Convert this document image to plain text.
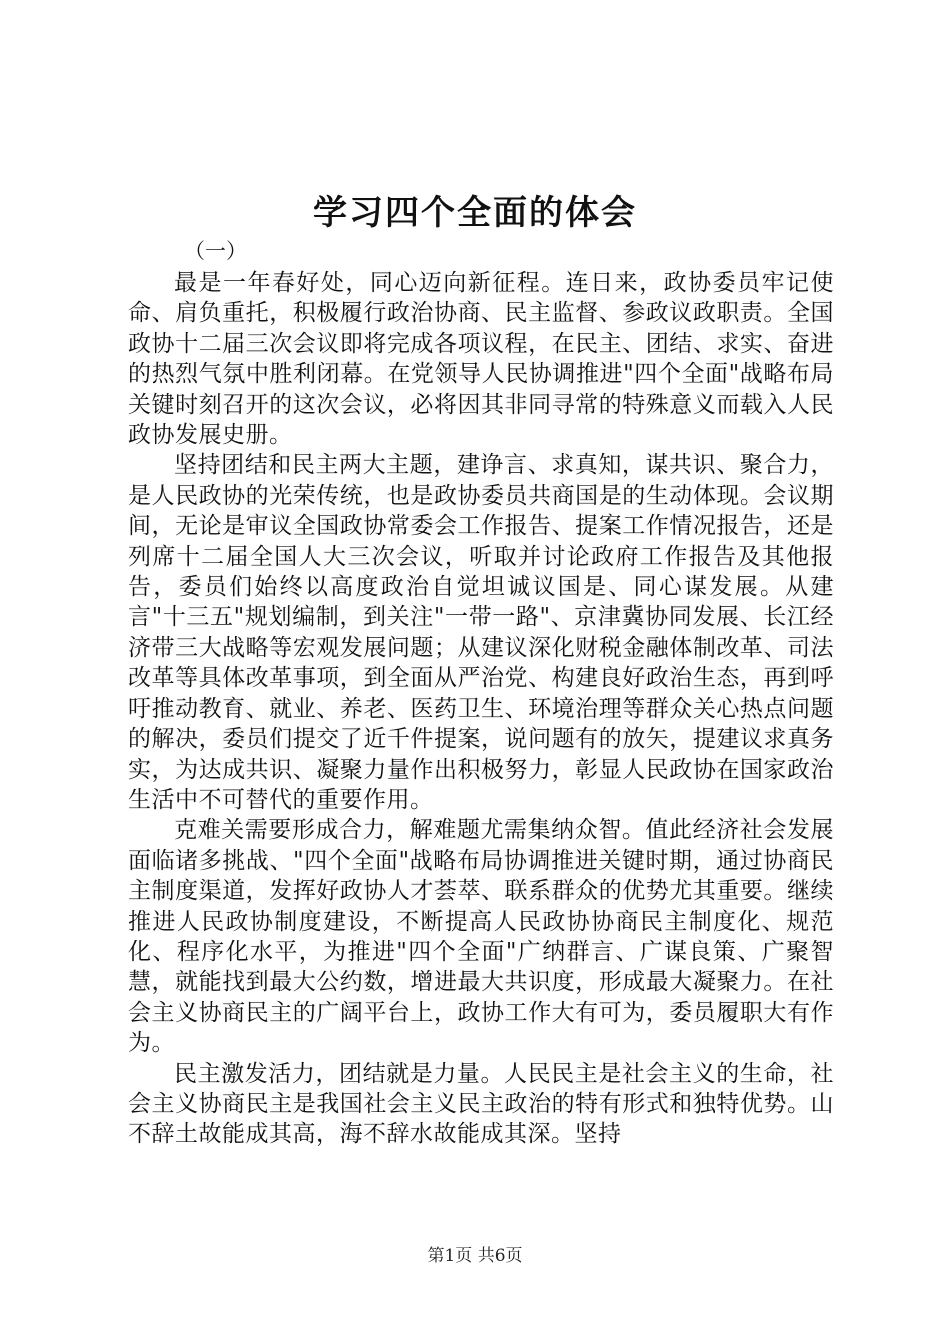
学习四个全面的体会

（一）

最是一年春好处，同心迈向新征程。连日来，政协委员牢记使命、肩负重托，积极履行政治协商、民主监督、参政议政职责。全国政协十二届三次会议即将完成各项议程，在民主、团结、求实、奋进的热烈气氛中胜利闭幕。在党领导人民协调推进"四个全面"战略布局关键时刻召开的这次会议，必将因其非同寻常的特殊意义而载入人民政协发展史册。

坚持团结和民主两大主题，建诤言、求真知，谋共识、聚合力，是人民政协的光荣传统，也是政协委员共商国是的生动体现。会议期间，无论是审议全国政协常委会工作报告、提案工作情况报告，还是列席十二届全国人大三次会议，听取并讨论政府工作报告及其他报告，委员们始终以高度政治自觉坦诚议国是、同心谋发展。从建言"十三五"规划编制，到关注"一带一路"、京津冀协同发展、长江经济带三大战略等宏观发展问题；从建议深化财税金融体制改革、司法改革等具体改革事项，到全面从严治党、构建良好政治生态，再到呼吁推动教育、就业、养老、医药卫生、环境治理等群众关心热点问题的解决，委员们提交了近千件提案，说问题有的放矢，提建议求真务实，为达成共识、凝聚力量作出积极努力，彰显人民政协在国家政治生活中不可替代的重要作用。

克难关需要形成合力，解难题尤需集纳众智。值此经济社会发展面临诸多挑战、"四个全面"战略布局协调推进关键时期，通过协商民主制度渠道，发挥好政协人才荟萃、联系群众的优势尤其重要。继续推进人民政协制度建设，不断提高人民政协协商民主制度化、规范化、程序化水平，为推进"四个全面"广纳群言、广谋良策、广聚智慧，就能找到最大公约数，增进最大共识度，形成最大凝聚力。在社会主义协商民主的广阔平台上，政协工作大有可为，委员履职大有作为。

民主激发活力，团结就是力量。人民民主是社会主义的生命，社会主义协商民主是我国社会主义民主政治的特有形式和独特优势。山不辞土故能成其高，海不辞水故能成其深。坚持

第1页 共6页
